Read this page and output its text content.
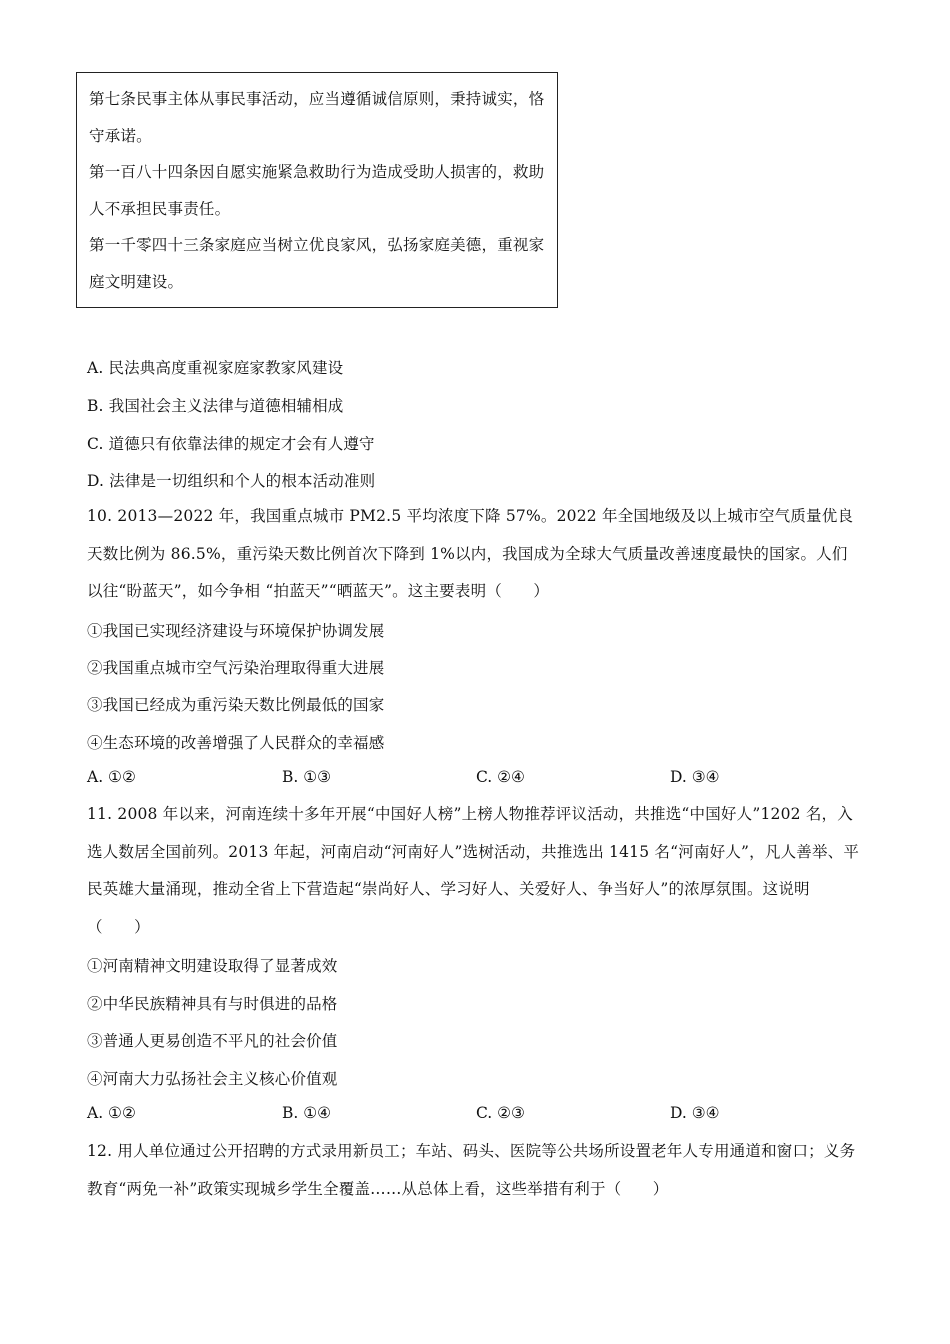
第七条民事主体从事民事活动，应当遵循诚信原则，秉持诚实，恪守承诺。
第一百八十四条因自愿实施紧急救助行为造成受助人损害的，救助人不承担民事责任。
第一千零四十三条家庭应当树立优良家风，弘扬家庭美德，重视家庭文明建设。
A. 民法典高度重视家庭家教家风建设
B. 我国社会主义法律与道德相辅相成
C. 道德只有依靠法律的规定才会有人遵守
D. 法律是一切组织和个人的根本活动准则
10. 2013—2022 年，我国重点城市 PM2.5 平均浓度下降 57%。2022 年全国地级及以上城市空气质量优良天数比例为 86.5%，重污染天数比例首次下降到 1%以内，我国成为全球大气质量改善速度最快的国家。人们以往“盼蓝天”，如今争相 “拍蓝天”“晒蓝天”。这主要表明（　　）
①我国已实现经济建设与环境保护协调发展
②我国重点城市空气污染治理取得重大进展
③我国已经成为重污染天数比例最低的国家
④生态环境的改善增强了人民群众的幸福感
A. ①②	B. ①③	C. ②④	D. ③④
11. 2008 年以来，河南连续十多年开展“中国好人榜”上榜人物推荐评议活动，共推选“中国好人”1202 名，入选人数居全国前列。2013 年起，河南启动“河南好人”选树活动，共推选出 1415 名“河南好人”，凡人善举、平民英雄大量涌现，推动全省上下营造起“崇尚好人、学习好人、关爱好人、争当好人”的浓厚氛围。这说明（　　）
①河南精神文明建设取得了显著成效
②中华民族精神具有与时俱进的品格
③普通人更易创造不平凡的社会价值
④河南大力弘扬社会主义核心价值观
A. ①②	B. ①④	C. ②③	D. ③④
12. 用人单位通过公开招聘的方式录用新员工；车站、码头、医院等公共场所设置老年人专用通道和窗口；义务教育“两免一补”政策实现城乡学生全覆盖……从总体上看，这些举措有利于（　　）
